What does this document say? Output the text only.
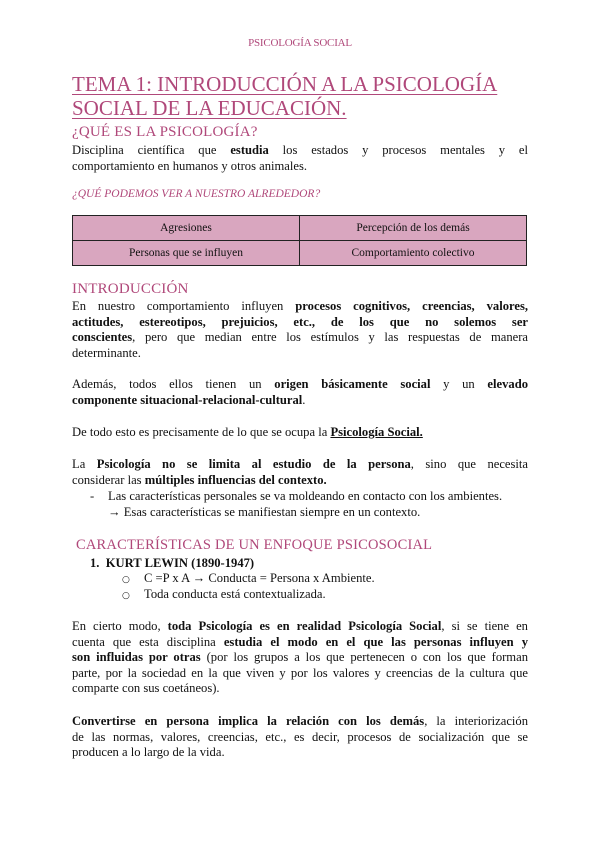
PSICOLOGÍA SOCIAL
TEMA 1: INTRODUCCIÓN A LA PSICOLOGÍA
SOCIAL DE LA EDUCACIÓN.
¿QUÉ ES LA PSICOLOGÍA?
Disciplina científica que estudia los estados y procesos mentales y el
comportamiento en humanos y otros animales.
¿QUÉ PODEMOS VER A NUESTRO ALREDEDOR?
Agresiones	Percepción de los demás
Personas que se influyen	Comportamiento colectivo
INTRODUCCIÓN
En nuestro comportamiento influyen procesos cognitivos, creencias, valores,
actitudes, estereotipos, prejuicios, etc., de los que no solemos ser
conscientes, pero que median entre los estímulos y las respuestas de manera
determinante.
Además, todos ellos tienen un origen básicamente social y un elevado
componente situacional-relacional-cultural.
De todo esto es precisamente de lo que se ocupa la Psicología Social.
La Psicología no se limita al estudio de la persona, sino que necesita
considerar las múltiples influencias del contexto.
- Las características personales se va moldeando en contacto con los ambientes.
→ Esas características se manifiestan siempre en un contexto.
CARACTERÍSTICAS DE UN ENFOQUE PSICOSOCIAL
1. KURT LEWIN (1890-1947)
○ C =P x A → Conducta = Persona x Ambiente.
○ Toda conducta está contextualizada.
En cierto modo, toda Psicología es en realidad Psicología Social, si se tiene en
cuenta que esta disciplina estudia el modo en el que las personas influyen y
son influidas por otras (por los grupos a los que pertenecen o con los que forman
parte, por la sociedad en la que viven y por los valores y creencias de la cultura que
comparte con sus coetáneos).
Convertirse en persona implica la relación con los demás, la interiorización
de las normas, valores, creencias, etc., es decir, procesos de socialización que se
producen a lo largo de la vida.
